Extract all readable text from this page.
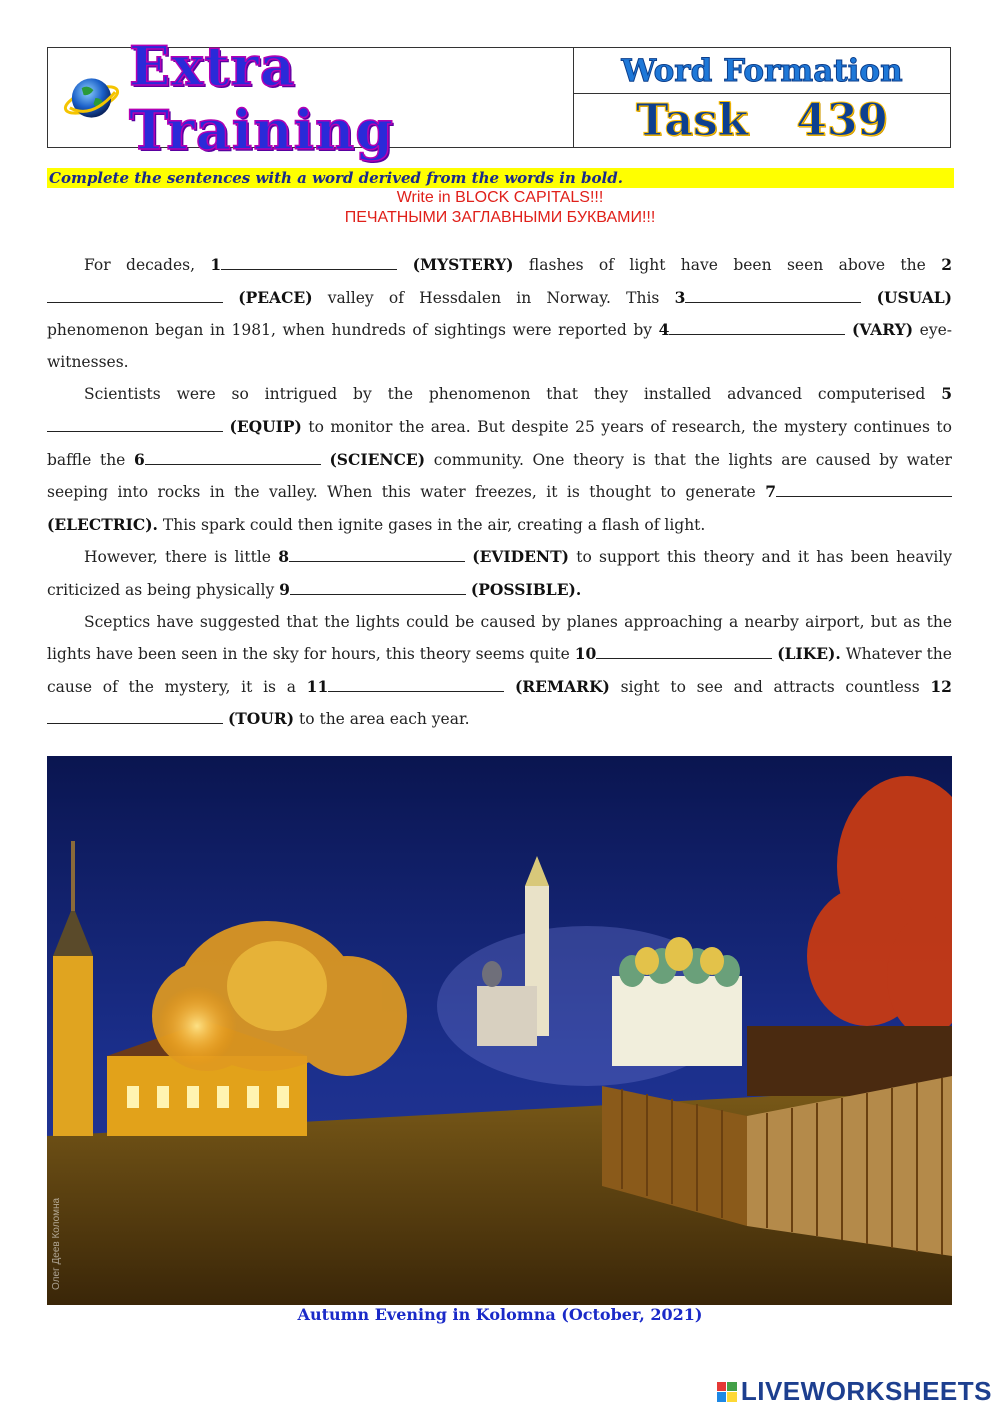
Extra Training
Word Formation
Task 439
Complete the sentences with a word derived from the words in bold.
Write in BLOCK CAPITALS!!!
ПЕЧАТНЫМИ ЗАГЛАВНЫМИ БУКВАМИ!!!

For decades, 1	(MYSTERY) flashes of light have been seen above the 2 (PEACE) valley of Hessdalen in Norway. This 3	(USUAL) phenomenon began in 1981, when hundreds of sightings were reported by 4	(VARY) eye-witnesses.

Scientists were so intrigued by the phenomenon that they installed advanced computerised 5 (EQUIP) to monitor the area. But despite 25 years of research, the mystery continues to baffle the 6	(SCIENCE) community. One theory is that the lights are caused by water seeping into rocks in the valley. When this water freezes, it is thought to generate 7 (ELECTRIC). This spark could then ignite gases in the air, creating a flash of light.

However, there is little 8	(EVIDENT) to support this theory and it has been heavily criticized as being physically 9	(POSSIBLE).

Sceptics have suggested that the lights could be caused by planes approaching a nearby airport, but as the lights have been seen in the sky for hours, this theory seems quite 10	(LIKE). Whatever the cause of the mystery, it is a 11	(REMARK) sight to see and attracts countless 12 (TOUR) to the area each year.

Олег Деев Коломна
Autumn Evening in Kolomna (October, 2021)
LIVEWORKSHEETS
